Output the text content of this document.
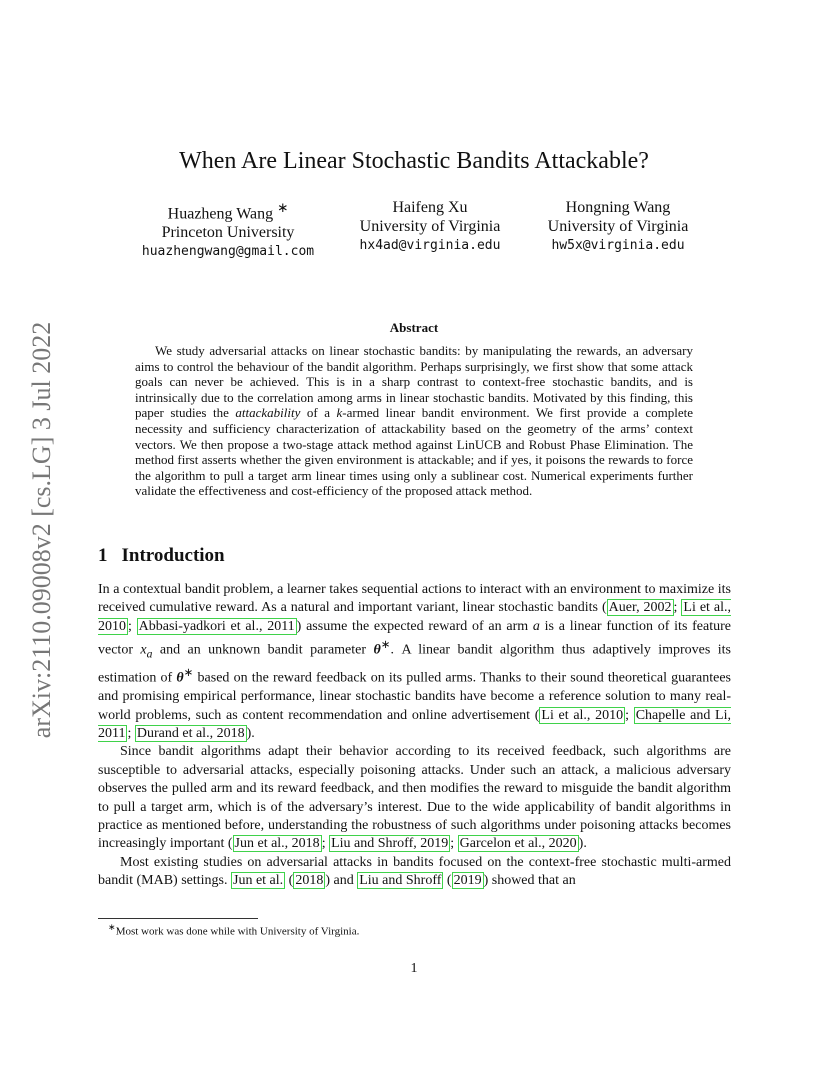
arXiv:2110.09008v2 [cs.LG] 3 Jul 2022
When Are Linear Stochastic Bandits Attackable?
Huazheng Wang ∗
Princeton University
huazhengwang@gmail.com
Haifeng Xu
University of Virginia
hx4ad@virginia.edu
Hongning Wang
University of Virginia
hw5x@virginia.edu
Abstract

We study adversarial attacks on linear stochastic bandits: by manipulating the rewards, an adversary aims to control the behaviour of the bandit algorithm. Perhaps surprisingly, we first show that some attack goals can never be achieved. This is in a sharp contrast to context-free stochastic bandits, and is intrinsically due to the correlation among arms in linear stochastic bandits. Motivated by this finding, this paper studies the attackability of a k-armed linear bandit environment. We first provide a complete necessity and sufficiency characterization of attackability based on the geometry of the arms’ context vectors. We then propose a two-stage attack method against LinUCB and Robust Phase Elimination. The method first asserts whether the given environment is attackable; and if yes, it poisons the rewards to force the algorithm to pull a target arm linear times using only a sublinear cost. Numerical experiments further validate the effectiveness and cost-efficiency of the proposed attack method.

1 Introduction

In a contextual bandit problem, a learner takes sequential actions to interact with an environment to maximize its received cumulative reward. As a natural and important variant, linear stochastic bandits ( Auer, 2002 ; Li et al., 2010 ; Abbasi-yadkori et al., 2011 ) assume the expected reward of an arm a is a linear function of its feature vector $x_a$ and an unknown bandit parameter θ∗. A linear bandit algorithm thus adaptively improves its estimation of θ∗ based on the reward feedback on its pulled arms. Thanks to their sound theoretical guarantees and promising empirical performance, linear stochastic bandits have become a reference solution to many real-world problems, such as content recommendation and online advertisement ( Li et al., 2010 ; Chapelle and Li, 2011 ; Durand et al., 2018 ).

Since bandit algorithms adapt their behavior according to its received feedback, such algorithms are susceptible to adversarial attacks, especially poisoning attacks. Under such an attack, a malicious adversary observes the pulled arm and its reward feedback, and then modifies the reward to misguide the bandit algorithm to pull a target arm, which is of the adversary’s interest. Due to the wide applicability of bandit algorithms in practice as mentioned before, understanding the robustness of such algorithms under poisoning attacks becomes increasingly important ( Jun et al., 2018 ; Liu and Shroff, 2019 ; Garcelon et al., 2020 ).

Most existing studies on adversarial attacks in bandits focused on the context-free stochastic multi-armed bandit (MAB) settings. Jun et al. ( 2018 ) and Liu and Shroff ( 2019 ) showed that an

∗Most work was done while with University of Virginia.
1
